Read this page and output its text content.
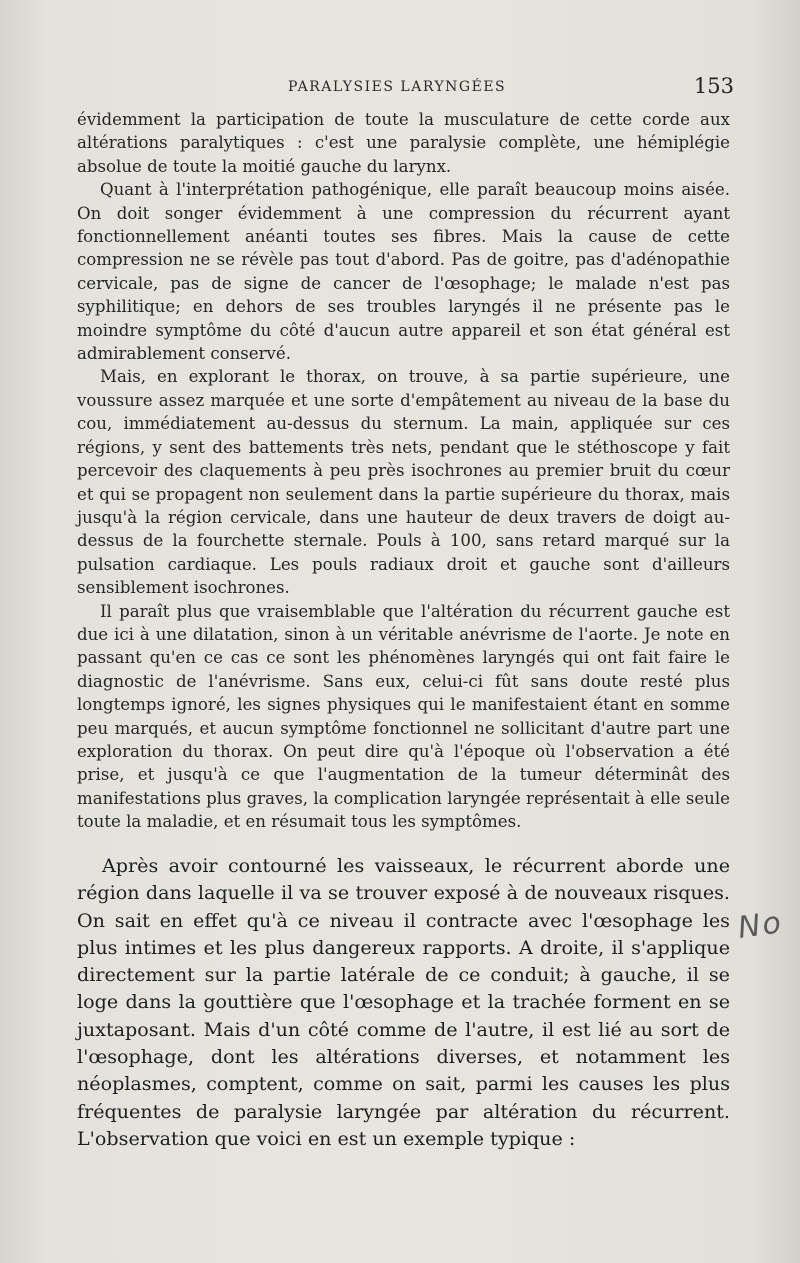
PARALYSIES LARYNGÉES	153

évidemment la participation de toute la musculature de cette corde aux altérations paralytiques : c'est une paralysie complète, une hémiplégie absolue de toute la moitié gauche du larynx.

Quant à l'interprétation pathogénique, elle paraît beaucoup moins aisée. On doit songer évidemment à une compression du récurrent ayant fonctionnellement anéanti toutes ses fibres. Mais la cause de cette compression ne se révèle pas tout d'abord. Pas de goitre, pas d'adénopathie cervicale, pas de signe de cancer de l'œsophage; le malade n'est pas syphilitique; en dehors de ses troubles laryngés il ne présente pas le moindre symptôme du côté d'aucun autre appareil et son état général est admirablement conservé.

Mais, en explorant le thorax, on trouve, à sa partie supérieure, une voussure assez marquée et une sorte d'empâtement au niveau de la base du cou, immédiatement au-dessus du sternum. La main, appliquée sur ces régions, y sent des battements très nets, pendant que le stéthoscope y fait percevoir des claquements à peu près isochrones au premier bruit du cœur et qui se propagent non seulement dans la partie supérieure du thorax, mais jusqu'à la région cervicale, dans une hauteur de deux travers de doigt au-dessus de la fourchette sternale. Pouls à 100, sans retard marqué sur la pulsation cardiaque. Les pouls radiaux droit et gauche sont d'ailleurs sensiblement isochrones.

Il paraît plus que vraisemblable que l'altération du récurrent gauche est due ici à une dilatation, sinon à un véritable anévrisme de l'aorte. Je note en passant qu'en ce cas ce sont les phénomènes laryngés qui ont fait faire le diagnostic de l'anévrisme. Sans eux, celui-ci fût sans doute resté plus longtemps ignoré, les signes physiques qui le manifestaient étant en somme peu marqués, et aucun symptôme fonctionnel ne sollicitant d'autre part une exploration du thorax. On peut dire qu'à l'époque où l'observation a été prise, et jusqu'à ce que l'augmentation de la tumeur déterminât des manifestations plus graves, la complication laryngée représentait à elle seule toute la maladie, et en résumait tous les symptômes.

Après avoir contourné les vaisseaux, le récurrent aborde une région dans laquelle il va se trouver exposé à de nouveaux risques. On sait en effet qu'à ce niveau il contracte avec l'œsophage les plus intimes et les plus dangereux rapports. A droite, il s'applique directement sur la partie latérale de ce conduit; à gauche, il se loge dans la gouttière que l'œsophage et la trachée forment en se juxtaposant. Mais d'un côté comme de l'autre, il est lié au sort de l'œsophage, dont les altérations diverses, et notamment les néoplasmes, comptent, comme on sait, parmi les causes les plus fréquentes de paralysie laryngée par altération du récurrent. L'observation que voici en est un exemple typique :

No
